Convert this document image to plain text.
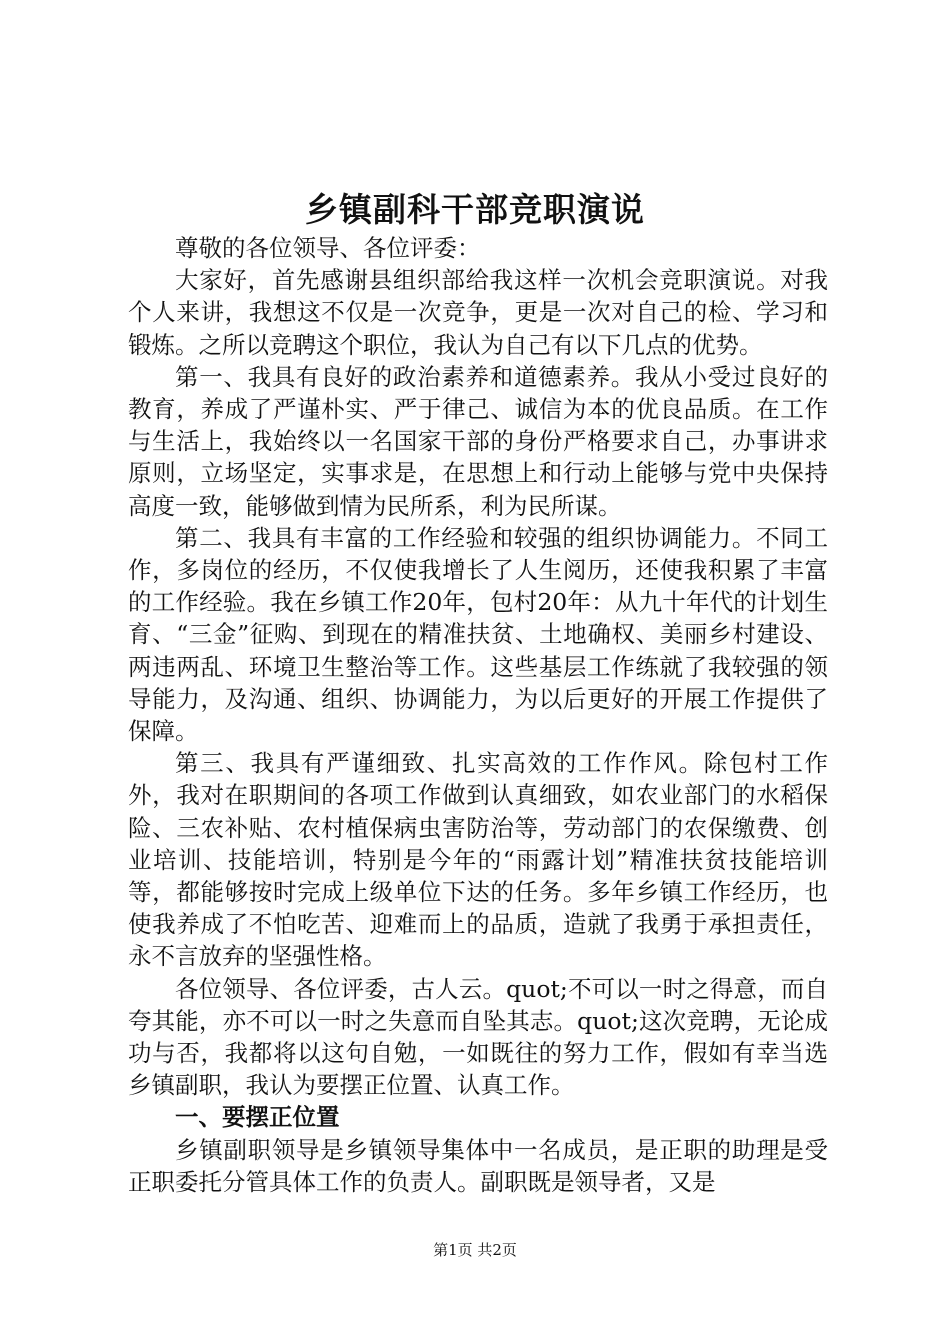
乡镇副科干部竞职演说

尊敬的各位领导、各位评委：

大家好，首先感谢县组织部给我这样一次机会竞职演说。对我个人来讲，我想这不仅是一次竞争，更是一次对自己的检、学习和锻炼。之所以竞聘这个职位，我认为自己有以下几点的优势。

第一、我具有良好的政治素养和道德素养。我从小受过良好的教育，养成了严谨朴实、严于律己、诚信为本的优良品质。在工作与生活上，我始终以一名国家干部的身份严格要求自己，办事讲求原则，立场坚定，实事求是，在思想上和行动上能够与党中央保持高度一致，能够做到情为民所系，利为民所谋。

第二、我具有丰富的工作经验和较强的组织协调能力。不同工作，多岗位的经历，不仅使我增长了人生阅历，还使我积累了丰富的工作经验。我在乡镇工作20年，包村20年：从九十年代的计划生育、“三金”征购、到现在的精准扶贫、土地确权、美丽乡村建设、两违两乱、环境卫生整治等工作。这些基层工作练就了我较强的领导能力，及沟通、组织、协调能力，为以后更好的开展工作提供了保障。

第三、我具有严谨细致、扎实高效的工作作风。除包村工作外，我对在职期间的各项工作做到认真细致，如农业部门的水稻保险、三农补贴、农村植保病虫害防治等，劳动部门的农保缴费、创业培训、技能培训，特别是今年的“雨露计划”精准扶贫技能培训等，都能够按时完成上级单位下达的任务。多年乡镇工作经历，也使我养成了不怕吃苦、迎难而上的品质，造就了我勇于承担责任，永不言放弃的坚强性格。

各位领导、各位评委，古人云。quot;不可以一时之得意，而自夸其能，亦不可以一时之失意而自坠其志。quot;这次竞聘，无论成功与否，我都将以这句自勉，一如既往的努力工作，假如有幸当选乡镇副职，我认为要摆正位置、认真工作。

一、要摆正位置

乡镇副职领导是乡镇领导集体中一名成员，是正职的助理是受正职委托分管具体工作的负责人。副职既是领导者，又是

第1页 共2页
